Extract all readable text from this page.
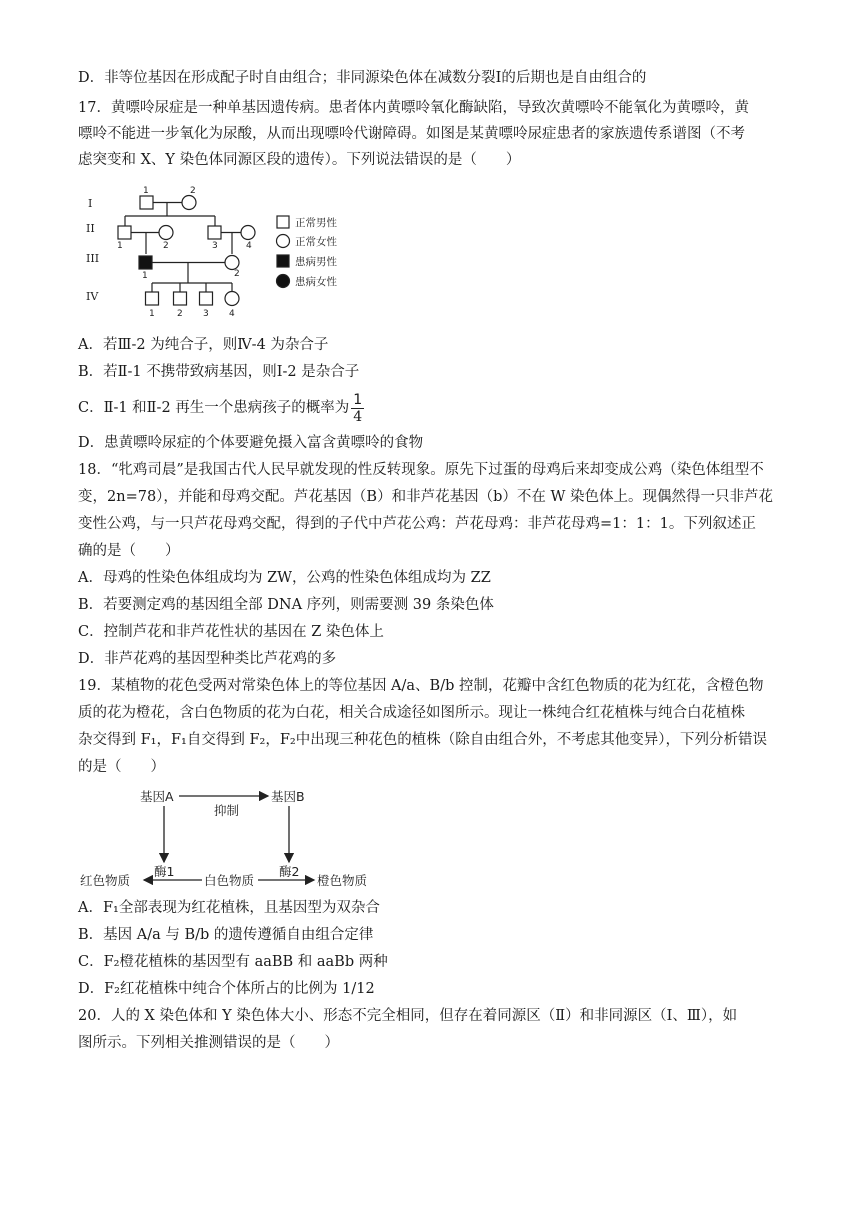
D．非等位基因在形成配子时自由组合；非同源染色体在减数分裂Ⅰ的后期也是自由组合的
17．黄嘌呤尿症是一种单基因遗传病。患者体内黄嘌呤氧化酶缺陷，导致次黄嘌呤不能氧化为黄嘌呤，黄
嘌呤不能进一步氧化为尿酸，从而出现嘌呤代谢障碍。如图是某黄嘌呤尿症患者的家族遗传系谱图（不考
虑突变和 X、Y 染色体同源区段的遗传）。下列说法错误的是（　　）
I
II
III
IV
1	2
1	2	3	4
1	2
1 2 3 4
正常男性
正常女性
患病男性
患病女性
A．若Ⅲ-2 为纯合子，则Ⅳ-4 为杂合子
B．若Ⅱ-1 不携带致病基因，则Ⅰ-2 是杂合子
C．Ⅱ-1 和Ⅱ-2 再生一个患病孩子的概率为 $\frac{1}{4}$
D．患黄嘌呤尿症的个体要避免摄入富含黄嘌呤的食物
18．“牝鸡司晨”是我国古代人民早就发现的性反转现象。原先下过蛋的母鸡后来却变成公鸡（染色体组型不
变，2n=78），并能和母鸡交配。芦花基因（B）和非芦花基因（b）不在 W 染色体上。现偶然得一只非芦花
变性公鸡，与一只芦花母鸡交配，得到的子代中芦花公鸡：芦花母鸡：非芦花母鸡=1：1：1。下列叙述正
确的是（　　）
A．母鸡的性染色体组成均为 ZW，公鸡的性染色体组成均为 ZZ
B．若要测定鸡的基因组全部 DNA 序列，则需要测 39 条染色体
C．控制芦花和非芦花性状的基因在 Z 染色体上
D．非芦花鸡的基因型种类比芦花鸡的多
19．某植物的花色受两对常染色体上的等位基因 A/a、B/b 控制，花瓣中含红色物质的花为红花，含橙色物
质的花为橙花，含白色物质的花为白花，相关合成途径如图所示。现让一株纯合红花植株与纯合白花植株
杂交得到 F₁，F₁自交得到 F₂，F₂中出现三种花色的植株（除自由组合外，不考虑其他变异），下列分析错误
的是（　　）
基因A	基因B
抑制
酶1	酶2
红色物质	白色物质	橙色物质
A．F₁全部表现为红花植株，且基因型为双杂合
B．基因 A/a 与 B/b 的遗传遵循自由组合定律
C．F₂橙花植株的基因型有 aaBB 和 aaBb 两种
D．F₂红花植株中纯合个体所占的比例为 1/12
20．人的 X 染色体和 Y 染色体大小、形态不完全相同，但存在着同源区（Ⅱ）和非同源区（Ⅰ、Ⅲ），如
图所示。下列相关推测错误的是（　　）
